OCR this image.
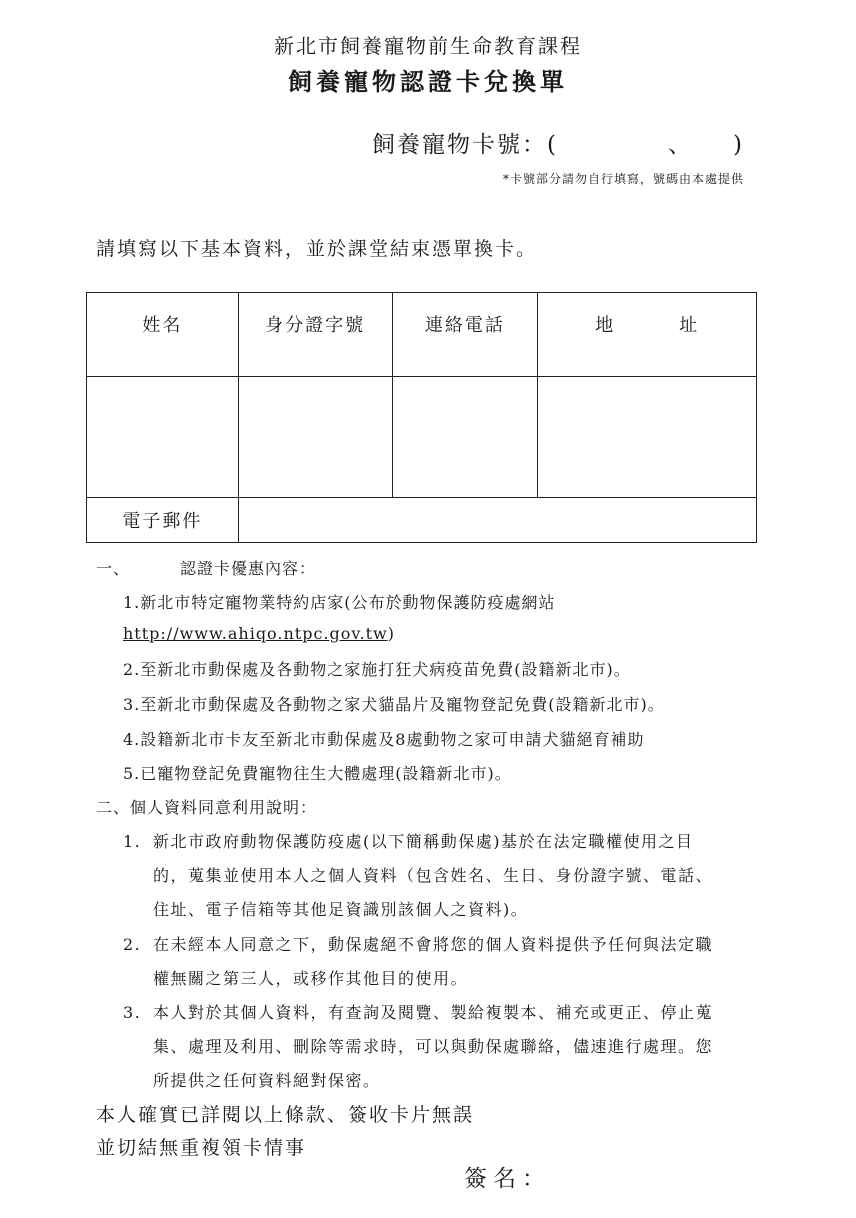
新北市飼養寵物前生命教育課程
飼養寵物認證卡兌換單
飼養寵物卡號：(	、 )
*卡號部分請勿自行填寫，號碼由本處提供
請填寫以下基本資料，並於課堂結束憑單換卡。
姓名	身分證字號	連絡電話	地 址

電子郵件			
一、	認證卡優惠內容：
1.新北市特定寵物業特約店家(公布於動物保護防疫處網站
http://www.ahiqo.ntpc.gov.tw)
2.至新北市動保處及各動物之家施打狂犬病疫苗免費(設籍新北市)。
3.至新北市動保處及各動物之家犬貓晶片及寵物登記免費(設籍新北市)。
4.設籍新北市卡友至新北市動保處及8處動物之家可申請犬貓絕育補助
5.已寵物登記免費寵物往生大體處理(設籍新北市)。
二、個人資料同意利用說明：
1. 新北市政府動物保護防疫處(以下簡稱動保處)基於在法定職權使用之目
的，蒐集並使用本人之個人資料（包含姓名、生日、身份證字號、電話、
住址、電子信箱等其他足資識別該個人之資料)。
2. 在未經本人同意之下，動保處絕不會將您的個人資料提供予任何與法定職
權無關之第三人，或移作其他目的使用。
3. 本人對於其個人資料，有查詢及閱覽、製給複製本、補充或更正、停止蒐
集、處理及利用、刪除等需求時，可以與動保處聯絡，儘速進行處理。您
所提供之任何資料絕對保密。
本人確實已詳閱以上條款、簽收卡片無誤
並切結無重複領卡情事
簽名：
